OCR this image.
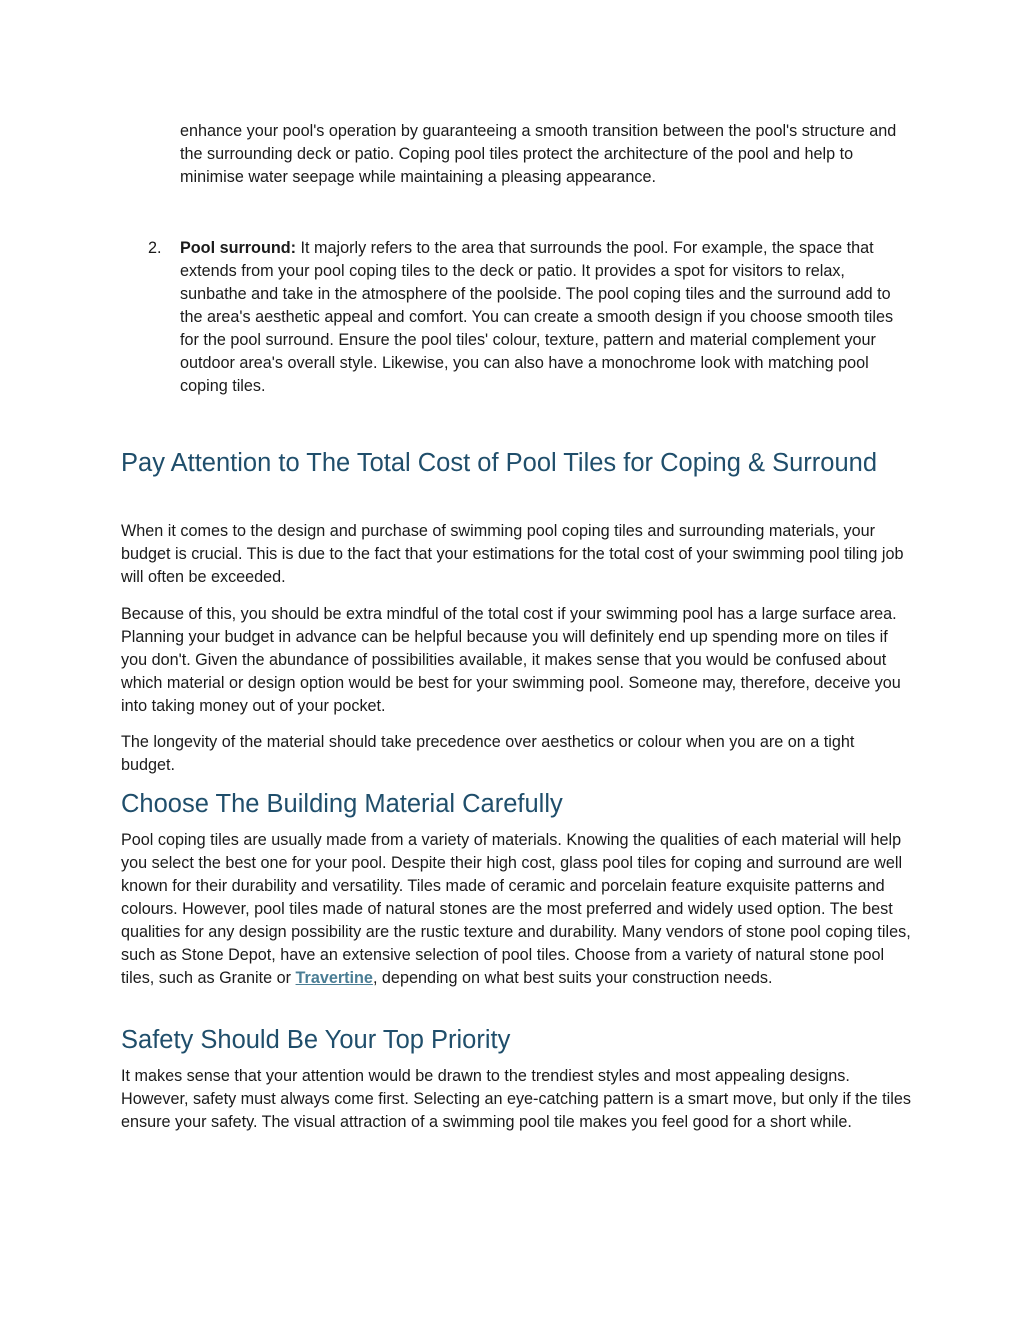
enhance your pool's operation by guaranteeing a smooth transition between the pool's structure and the surrounding deck or patio. Coping pool tiles protect the architecture of the pool and help to minimise water seepage while maintaining a pleasing appearance.

2. Pool surround: It majorly refers to the area that surrounds the pool. For example, the space that extends from your pool coping tiles to the deck or patio. It provides a spot for visitors to relax, sunbathe and take in the atmosphere of the poolside. The pool coping tiles and the surround add to the area's aesthetic appeal and comfort. You can create a smooth design if you choose smooth tiles for the pool surround. Ensure the pool tiles' colour, texture, pattern and material complement your outdoor area's overall style. Likewise, you can also have a monochrome look with matching pool coping tiles.

Pay Attention to The Total Cost of Pool Tiles for Coping & Surround

When it comes to the design and purchase of swimming pool coping tiles and surrounding materials, your budget is crucial. This is due to the fact that your estimations for the total cost of your swimming pool tiling job will often be exceeded.

Because of this, you should be extra mindful of the total cost if your swimming pool has a large surface area. Planning your budget in advance can be helpful because you will definitely end up spending more on tiles if you don't. Given the abundance of possibilities available, it makes sense that you would be confused about which material or design option would be best for your swimming pool. Someone may, therefore, deceive you into taking money out of your pocket.

The longevity of the material should take precedence over aesthetics or colour when you are on a tight budget.

Choose The Building Material Carefully

Pool coping tiles are usually made from a variety of materials. Knowing the qualities of each material will help you select the best one for your pool. Despite their high cost, glass pool tiles for coping and surround are well known for their durability and versatility. Tiles made of ceramic and porcelain feature exquisite patterns and colours. However, pool tiles made of natural stones are the most preferred and widely used option. The best qualities for any design possibility are the rustic texture and durability. Many vendors of stone pool coping tiles, such as Stone Depot, have an extensive selection of pool tiles. Choose from a variety of natural stone pool tiles, such as Granite or Travertine, depending on what best suits your construction needs.

Safety Should Be Your Top Priority

It makes sense that your attention would be drawn to the trendiest styles and most appealing designs. However, safety must always come first. Selecting an eye-catching pattern is a smart move, but only if the tiles ensure your safety. The visual attraction of a swimming pool tile makes you feel good for a short while.
